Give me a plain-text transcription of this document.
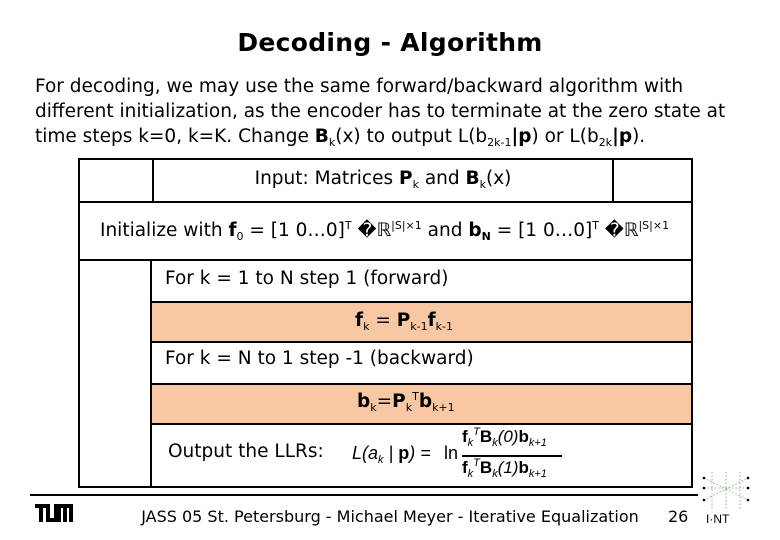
Decoding - Algorithm
For decoding, we may use the same forward/backward algorithm with different initialization, as the encoder has to terminate at the zero state at time steps k=0, k=K. Change $B_k(x)$ to output $L(b_{2k-1}|p)$ or $L(b_{2k}|p)$.
Input: Matrices $P_k$ and $B_k(x)$
Initialize with $f_0 = [1$ 0…0]$^T$ �ℝ$^{|S|\times 1}$ and $b_N = [1$ 0…0]$^T$ �ℝ$^{|S|\times 1}$
For k = 1 to N step 1 (forward)
$f_k = P_{k-1}f_{k-1}$
For k = N to 1 step -1 (backward)
$b_k=P_k^Tb_{k+1}$
Output the LLRs: $L(a_k$ | p) = ln
$f_k^TB_k(0)b_{k+1}$
$f_k^TB_k(1)b_{k+1}$
JASS 05 St. Petersburg - Michael Meyer - Iterative Equalization	26 I·NT
